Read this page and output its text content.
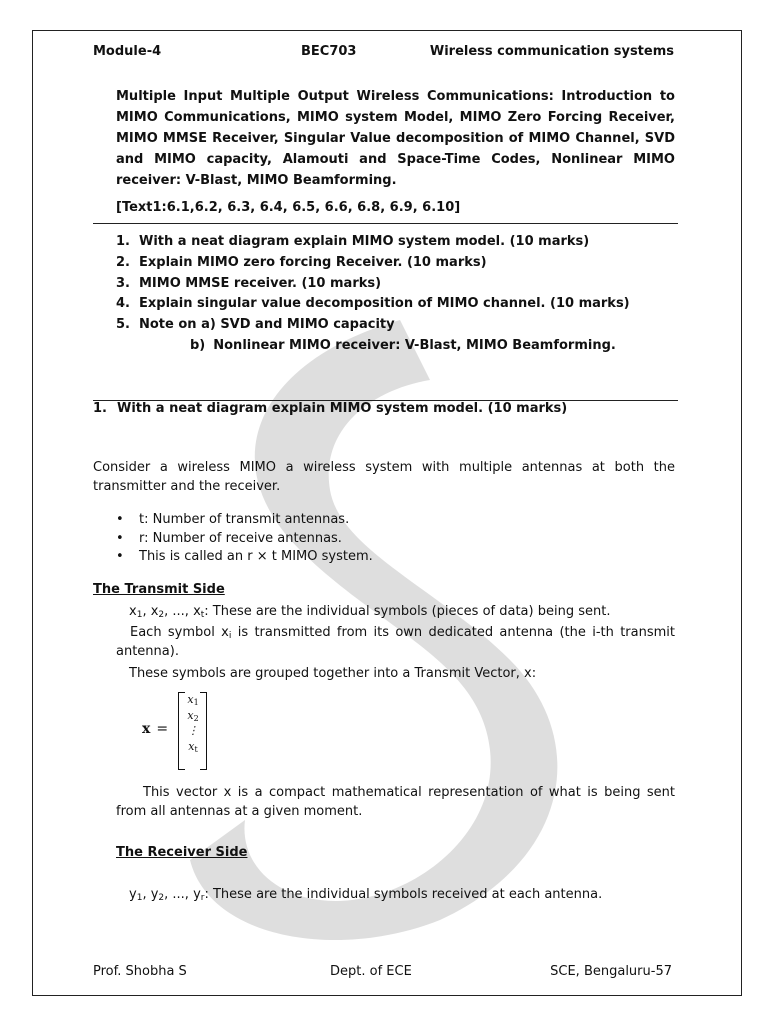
Module-4	BEC703	Wireless communication systems
Multiple Input Multiple Output Wireless Communications: Introduction to MIMO Communications, MIMO system Model, MIMO Zero Forcing Receiver, MIMO MMSE Receiver, Singular Value decomposition of MIMO Channel, SVD and MIMO capacity, Alamouti and Space-Time Codes, Nonlinear MIMO receiver: V-Blast, MIMO Beamforming.
[Text1:6.1,6.2, 6.3, 6.4, 6.5, 6.6, 6.8, 6.9, 6.10]
1. With a neat diagram explain MIMO system model. (10 marks)
2. Explain MIMO zero forcing Receiver. (10 marks)
3. MIMO MMSE receiver. (10 marks)
4. Explain singular value decomposition of MIMO channel. (10 marks)
5. Note on a) SVD and MIMO capacity
b) Nonlinear MIMO receiver: V-Blast, MIMO Beamforming.
1. With a neat diagram explain MIMO system model. (10 marks)
Consider a wireless MIMO a wireless system with multiple antennas at both the transmitter and the receiver.
• t: Number of transmit antennas.
• r: Number of receive antennas.
• This is called an r × t MIMO system.
The Transmit Side
$x_1$, $x_2$, ..., $x_t$: These are the individual symbols (pieces of data) being sent.
Each symbol $x_i$ is transmitted from its own dedicated antenna (the i-th transmit antenna).
These symbols are grouped together into a Transmit Vector, x:
x =
$x_1$
$x_2$
⋮
$x_t$
This vector x is a compact mathematical representation of what is being sent from all antennas at a given moment.
The Receiver Side
$y_1$, $y_2$, ..., $y_r$: These are the individual symbols received at each antenna.
Prof. Shobha S	Dept. of ECE	SCE, Bengaluru-57
